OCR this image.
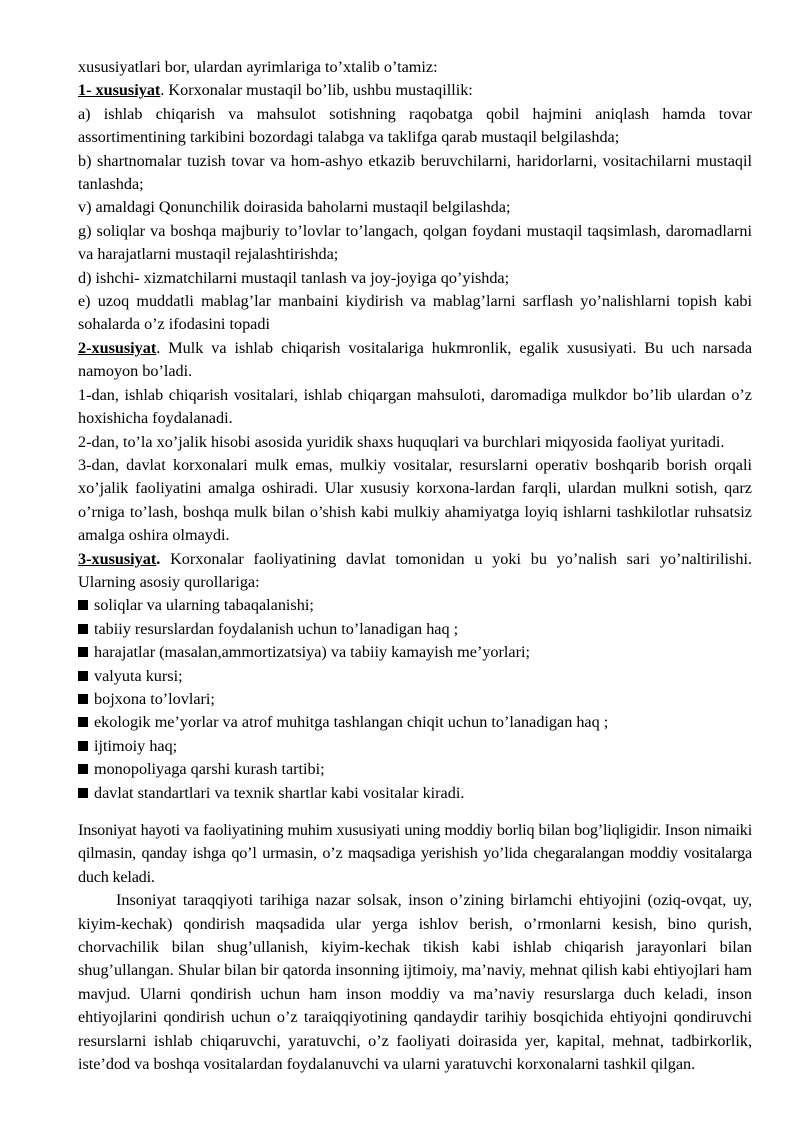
xususiyatlari bor, ulardan ayrimlariga to’xtalib o’tamiz:

1- xususiyat. Korxonalar mustaqil bo’lib, ushbu mustaqillik:

a) ishlab chiqarish va mahsulot sotishning raqobatga qobil hajmini aniqlash hamda tovar assortimentining tarkibini bozordagi talabga va taklifga qarab mustaqil belgilashda;

b) shartnomalar tuzish tovar va hom-ashyo etkazib beruvchilarni, haridorlarni, vositachilarni mustaqil tanlashda;

v) amaldagi Qonunchilik doirasida baholarni mustaqil belgilashda;

g) soliqlar va boshqa majburiy to’lovlar to’langach, qolgan foydani mustaqil taqsimlash, daromadlarni va harajatlarni mustaqil rejalashtirishda;

d) ishchi- xizmatchilarni mustaqil tanlash va joy-joyiga qo’yishda;

e) uzoq muddatli mablag’lar manbaini kiydirish va mablag’larni sarflash yo’nalishlarni topish kabi sohalarda o’z ifodasini topadi

2-xususiyat. Mulk va ishlab chiqarish vositalariga hukmronlik, egalik xususiyati. Bu uch narsada namoyon bo’ladi.

1-dan, ishlab chiqarish vositalari, ishlab chiqargan mahsuloti, daromadiga mulkdor bo’lib ulardan o’z hoxishicha foydalanadi.

2-dan, to’la xo’jalik hisobi asosida yuridik shaxs huquqlari va burchlari miqyosida faoliyat yuritadi.

3-dan, davlat korxonalari mulk emas, mulkiy vositalar, resurslarni operativ boshqarib borish orqali xo’jalik faoliyatini amalga oshiradi. Ular xususiy korxona-lardan farqli, ulardan mulkni sotish, qarz o’rniga to’lash, boshqa mulk bilan o’shish kabi mulkiy ahamiyatga loyiq ishlarni tashkilotlar ruhsatsiz amalga oshira olmaydi.

3-xususiyat. Korxonalar faoliyatining davlat tomonidan u yoki bu yo’nalish sari yo’naltirilishi. Ularning asosiy qurollariga:

soliqlar va ularning tabaqalanishi;

tabiiy resurslardan foydalanish uchun to’lanadigan haq ;

harajatlar (masalan,ammortizatsiya) va tabiiy kamayish me’yorlari;

valyuta kursi;

bojxona to’lovlari;

ekologik me’yorlar va atrof muhitga tashlangan chiqit uchun to’lanadigan haq ;

ijtimoiy haq;

monopoliyaga qarshi kurash tartibi;

davlat standartlari va texnik shartlar kabi vositalar kiradi.

Insoniyat hayoti va faoliyatining muhim xususiyati uning moddiy borliq bilan bog’liqligidir. Inson nimaiki qilmasin, qanday ishga qo’l urmasin, o’z maqsadiga yerishish yo’lida chegaralangan moddiy vositalarga duch keladi.

Insoniyat taraqqiyoti tarihiga nazar solsak, inson o’zining birlamchi ehtiyojini (oziq-ovqat, uy, kiyim-kechak) qondirish maqsadida ular yerga ishlov berish, o’rmonlarni kesish, bino qurish, chorvachilik bilan shug’ullanish, kiyim-kechak tikish kabi ishlab chiqarish jarayonlari bilan shug’ullangan. Shular bilan bir qatorda insonning ijtimoiy, ma’naviy, mehnat qilish kabi ehtiyojlari ham mavjud. Ularni qondirish uchun ham inson moddiy va ma’naviy resurslarga duch keladi, inson ehtiyojlarini qondirish uchun o’z taraiqqiyotining qandaydir tarihiy bosqichida ehtiyojni qondiruvchi resurslarni ishlab chiqaruvchi, yaratuvchi, o’z faoliyati doirasida yer, kapital, mehnat, tadbirkorlik, iste’dod va boshqa vositalardan foydalanuvchi va ularni yaratuvchi korxonalarni tashkil qilgan.
